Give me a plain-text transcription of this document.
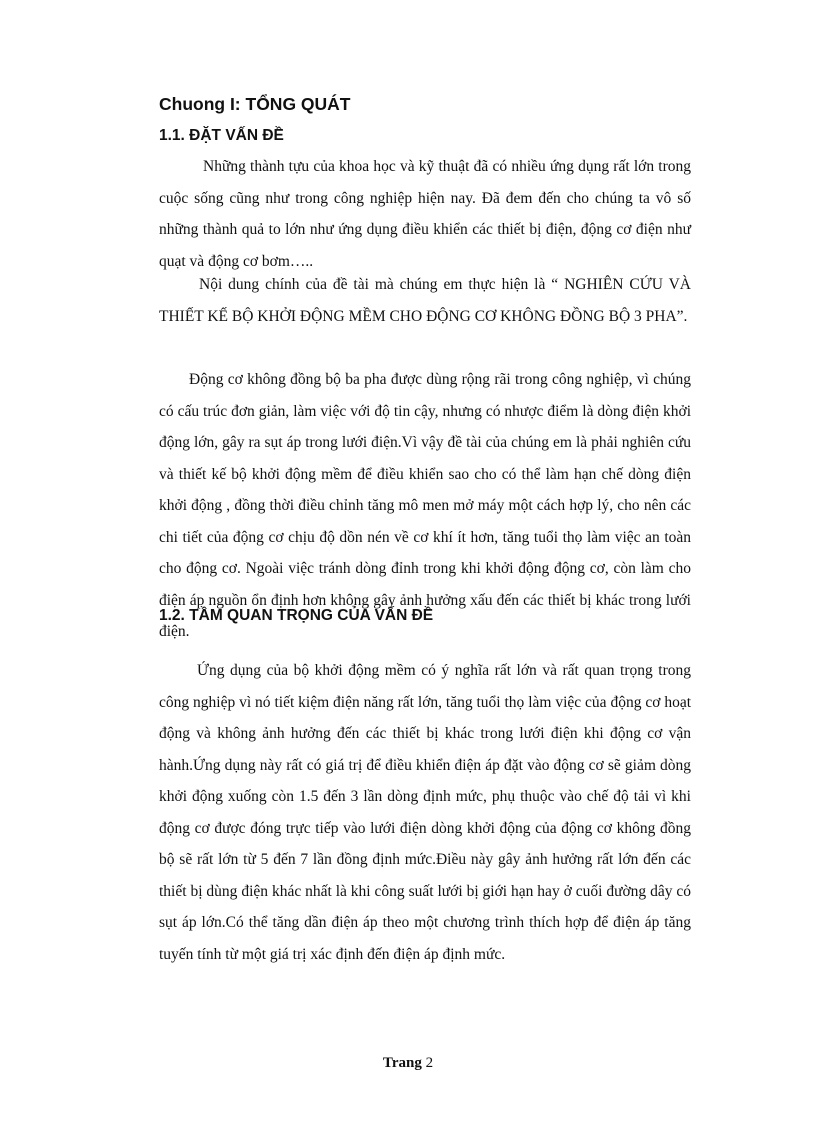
Chuong I: TỔNG QUÁT
1.1. ĐẶT VẤN ĐỀ

Những thành tựu của khoa học và kỹ thuật đã có nhiều ứng dụng rất lớn trong cuộc sống cũng như trong công nghiệp hiện nay. Đã đem đến cho chúng ta vô số những thành quả to lớn như ứng dụng điều khiển các thiết bị điện, động cơ điện như quạt và động cơ bơm…..

Nội dung chính của đề tài mà chúng em thực hiện là “ NGHIÊN CỨU VÀ THIẾT KẾ BỘ KHỞI ĐỘNG MỀM CHO ĐỘNG CƠ KHÔNG ĐỒNG BỘ 3 PHA”.

Động cơ không đồng bộ ba pha được dùng rộng rãi trong công nghiệp, vì chúng có cấu trúc đơn giản, làm việc với độ tin cậy, nhưng có nhược điểm là dòng điện khởi động lớn, gây ra sụt áp trong lưới điện.Vì vậy đề tài của chúng em là phải nghiên cứu và thiết kế bộ khởi động mềm để điều khiển sao cho có thể làm hạn chế dòng điện khởi động , đồng thời điều chỉnh tăng mô men mở máy một cách hợp lý, cho nên các chi tiết của động cơ chịu độ dồn nén về cơ khí ít hơn, tăng tuổi thọ làm việc an toàn cho động cơ. Ngoài việc tránh dòng đỉnh trong khi khởi động động cơ, còn làm cho điện áp nguồn ổn định hơn không gây ảnh hưởng xấu đến các thiết bị khác trong lưới điện.

1.2. TẦM QUAN TRỌNG CỦA VẤN ĐỀ

Ứng dụng của bộ khởi động mềm có ý nghĩa rất lớn và rất quan trọng trong công nghiệp vì nó tiết kiệm điện năng rất lớn, tăng tuổi thọ làm việc của động cơ hoạt động và không ảnh hưởng đến các thiết bị khác trong lưới điện khi động cơ vận hành.Ứng dụng này rất có giá trị để điều khiển điện áp đặt vào động cơ sẽ giảm dòng khởi động xuống còn 1.5 đến 3 lần dòng định mức, phụ thuộc vào chế độ tải vì khi động cơ được đóng trực tiếp vào lưới điện dòng khởi động của động cơ không đồng bộ sẽ rất lớn từ 5 đến 7 lần đồng định mức.Điều này gây ảnh hưởng rất lớn đến các thiết bị dùng điện khác nhất là khi công suất lưới bị giới hạn hay ở cuối đường dây có sụt áp lớn.Có thể tăng dần điện áp theo một chương trình thích hợp để điện áp tăng tuyến tính từ một giá trị xác định đến điện áp định mức.

Trang 2
